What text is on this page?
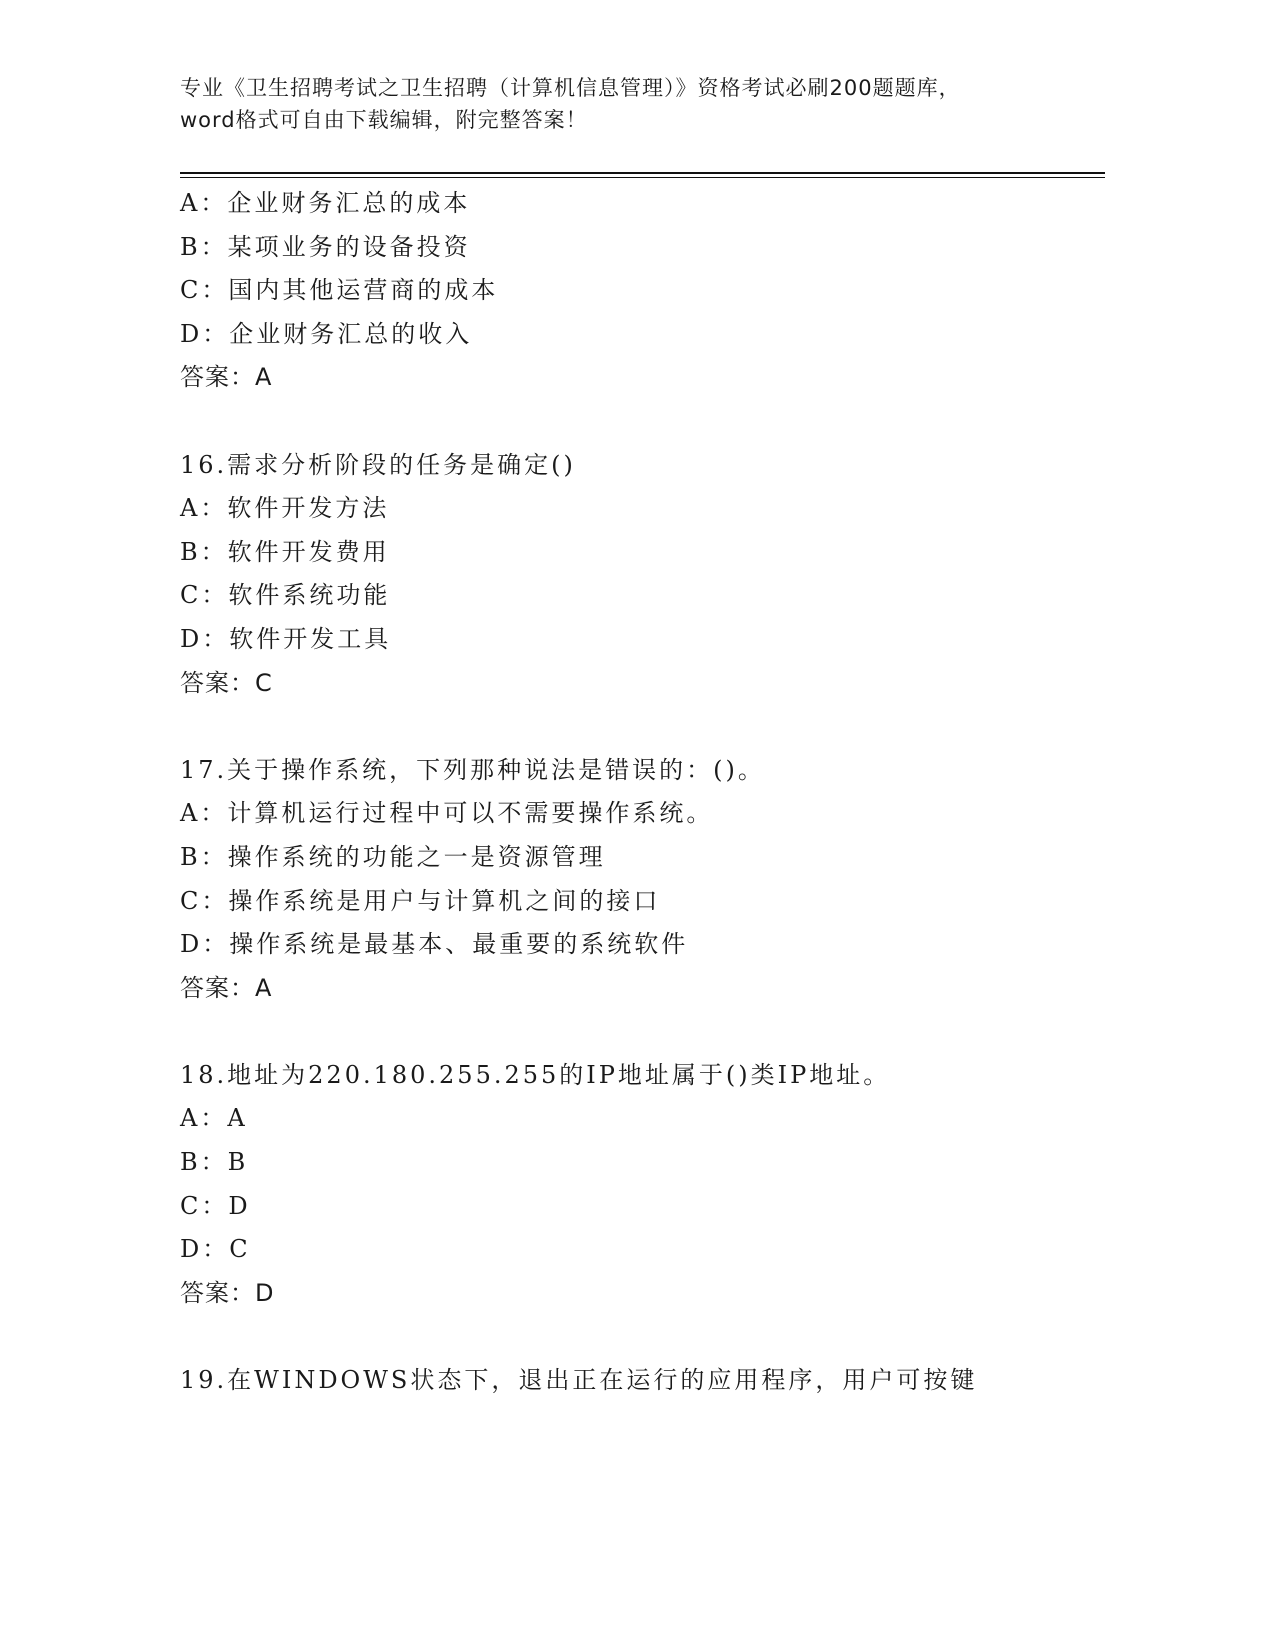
专业《卫生招聘考试之卫生招聘（计算机信息管理）》资格考试必刷200题题库，
word格式可自由下载编辑，附完整答案！
A：企业财务汇总的成本
B：某项业务的设备投资
C：国内其他运营商的成本
D：企业财务汇总的收入
答案：A
16.需求分析阶段的任务是确定()
A：软件开发方法
B：软件开发费用
C：软件系统功能
D：软件开发工具
答案：C
17.关于操作系统，下列那种说法是错误的：()。
A：计算机运行过程中可以不需要操作系统。
B：操作系统的功能之一是资源管理
C：操作系统是用户与计算机之间的接口
D：操作系统是最基本、最重要的系统软件
答案：A
18.地址为220.180.255.255的IP地址属于()类IP地址。
A：A
B：B
C：D
D：C
答案：D
19.在WINDOWS状态下，退出正在运行的应用程序，用户可按键
